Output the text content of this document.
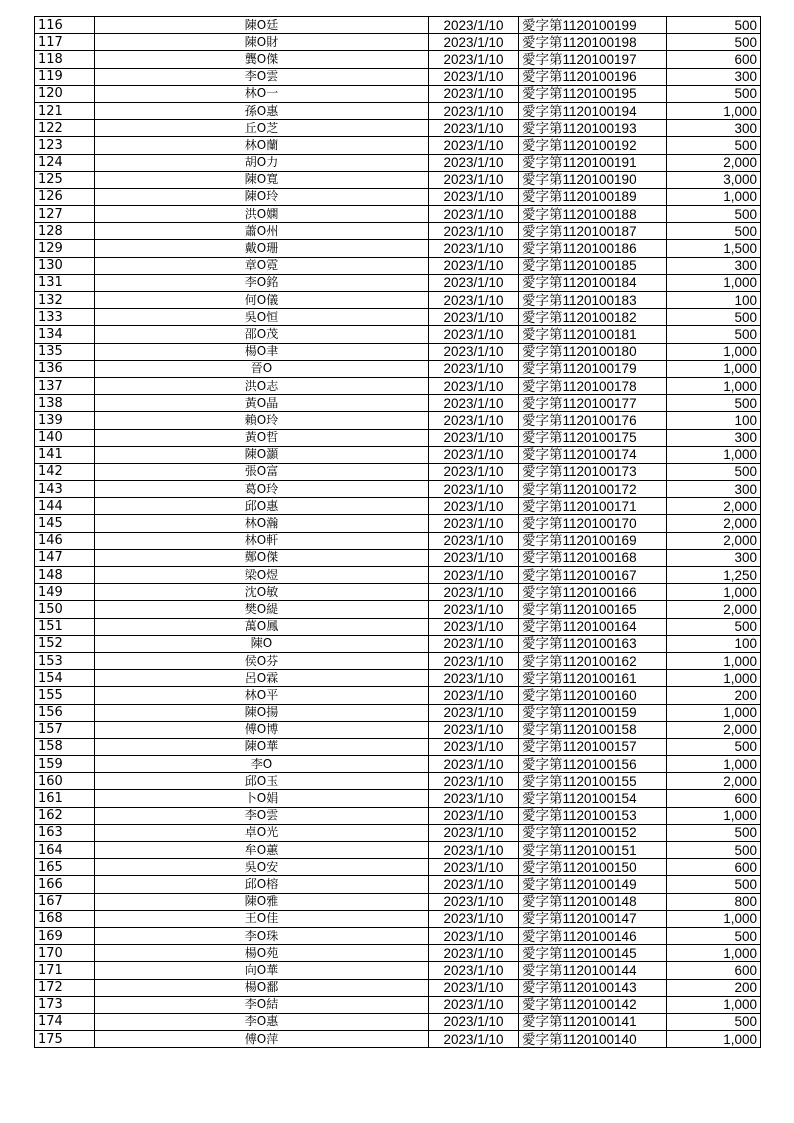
116	陳O廷	2023/1/10	愛字第1120100199	500
117	陳O財	2023/1/10	愛字第1120100198	500
118	龔O傑	2023/1/10	愛字第1120100197	600
119	李O雲	2023/1/10	愛字第1120100196	300
120	林O一	2023/1/10	愛字第1120100195	500
121	孫O惠	2023/1/10	愛字第1120100194	1,000
122	丘O芝	2023/1/10	愛字第1120100193	300
123	林O蘭	2023/1/10	愛字第1120100192	500
124	胡O力	2023/1/10	愛字第1120100191	2,000
125	陳O寬	2023/1/10	愛字第1120100190	3,000
126	陳O玲	2023/1/10	愛字第1120100189	1,000
127	洪O嫻	2023/1/10	愛字第1120100188	500
128	蕭O州	2023/1/10	愛字第1120100187	500
129	戴O珊	2023/1/10	愛字第1120100186	1,500
130	章O霓	2023/1/10	愛字第1120100185	300
131	李O銘	2023/1/10	愛字第1120100184	1,000
132	何O儀	2023/1/10	愛字第1120100183	100
133	吳O恒	2023/1/10	愛字第1120100182	500
134	邵O茂	2023/1/10	愛字第1120100181	500
135	楊O聿	2023/1/10	愛字第1120100180	1,000
136	晉O	2023/1/10	愛字第1120100179	1,000
137	洪O志	2023/1/10	愛字第1120100178	1,000
138	黃O晶	2023/1/10	愛字第1120100177	500
139	賴O玲	2023/1/10	愛字第1120100176	100
140	黃O哲	2023/1/10	愛字第1120100175	300
141	陳O灝	2023/1/10	愛字第1120100174	1,000
142	張O富	2023/1/10	愛字第1120100173	500
143	葛O玲	2023/1/10	愛字第1120100172	300
144	邱O惠	2023/1/10	愛字第1120100171	2,000
145	林O瀚	2023/1/10	愛字第1120100170	2,000
146	林O軒	2023/1/10	愛字第1120100169	2,000
147	鄭O傑	2023/1/10	愛字第1120100168	300
148	梁O煜	2023/1/10	愛字第1120100167	1,250
149	沈O敏	2023/1/10	愛字第1120100166	1,000
150	樊O緹	2023/1/10	愛字第1120100165	2,000
151	萬O鳳	2023/1/10	愛字第1120100164	500
152	陳O	2023/1/10	愛字第1120100163	100
153	侯O芬	2023/1/10	愛字第1120100162	1,000
154	呂O霖	2023/1/10	愛字第1120100161	1,000
155	林O平	2023/1/10	愛字第1120100160	200
156	陳O揚	2023/1/10	愛字第1120100159	1,000
157	傅O博	2023/1/10	愛字第1120100158	2,000
158	陳O華	2023/1/10	愛字第1120100157	500
159	李O	2023/1/10	愛字第1120100156	1,000
160	邱O玉	2023/1/10	愛字第1120100155	2,000
161	卜O娟	2023/1/10	愛字第1120100154	600
162	李O雲	2023/1/10	愛字第1120100153	1,000
163	卓O光	2023/1/10	愛字第1120100152	500
164	牟O蕙	2023/1/10	愛字第1120100151	500
165	吳O安	2023/1/10	愛字第1120100150	600
166	邱O榕	2023/1/10	愛字第1120100149	500
167	陳O雅	2023/1/10	愛字第1120100148	800
168	王O佳	2023/1/10	愛字第1120100147	1,000
169	李O珠	2023/1/10	愛字第1120100146	500
170	楊O苑	2023/1/10	愛字第1120100145	1,000
171	向O華	2023/1/10	愛字第1120100144	600
172	楊O鄱	2023/1/10	愛字第1120100143	200
173	李O結	2023/1/10	愛字第1120100142	1,000
174	李O惠	2023/1/10	愛字第1120100141	500
175	傅O萍	2023/1/10	愛字第1120100140	1,000
